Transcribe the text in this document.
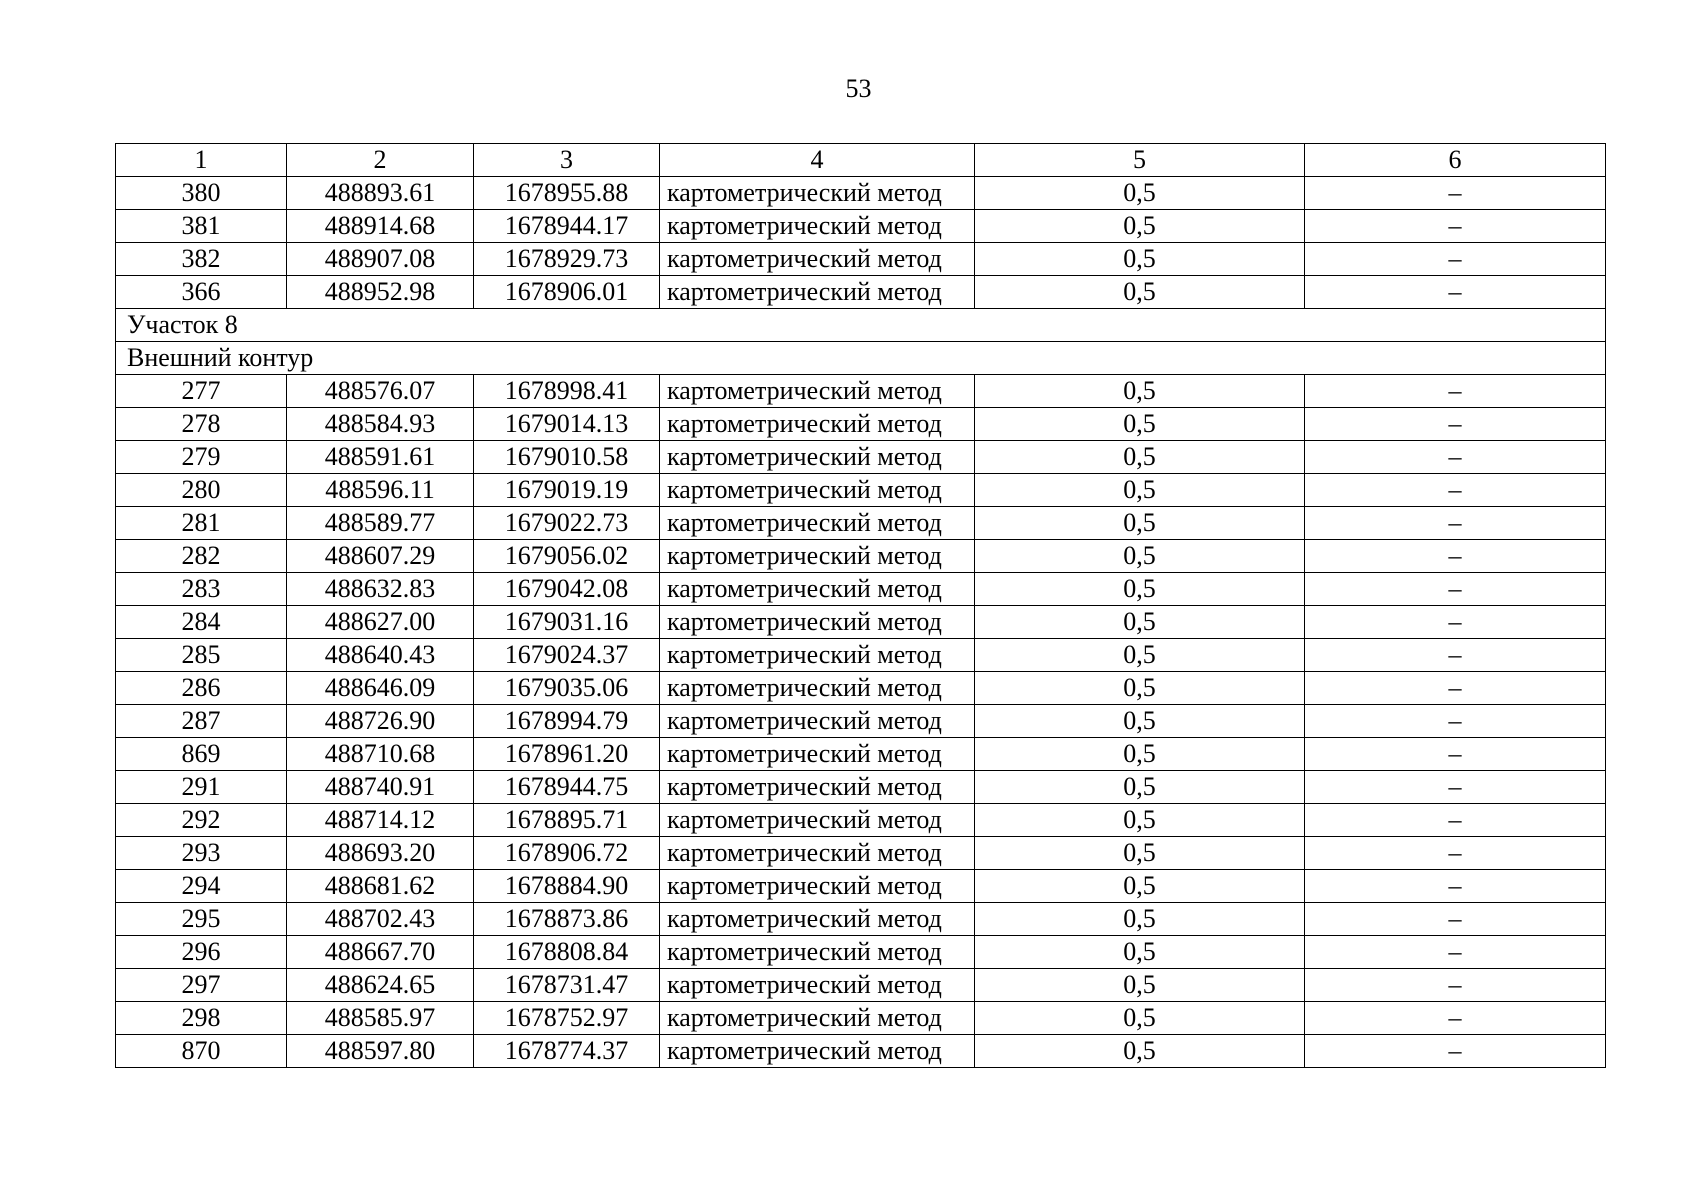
53
1	2	3	4	5	6
380	488893.61	1678955.88	картометрический метод	0,5	–
381	488914.68	1678944.17	картометрический метод	0,5	–
382	488907.08	1678929.73	картометрический метод	0,5	–
366	488952.98	1678906.01	картометрический метод	0,5	–
Участок 8					
Внешний контур					
277	488576.07	1678998.41	картометрический метод	0,5	–
278	488584.93	1679014.13	картометрический метод	0,5	–
279	488591.61	1679010.58	картометрический метод	0,5	–
280	488596.11	1679019.19	картометрический метод	0,5	–
281	488589.77	1679022.73	картометрический метод	0,5	–
282	488607.29	1679056.02	картометрический метод	0,5	–
283	488632.83	1679042.08	картометрический метод	0,5	–
284	488627.00	1679031.16	картометрический метод	0,5	–
285	488640.43	1679024.37	картометрический метод	0,5	–
286	488646.09	1679035.06	картометрический метод	0,5	–
287	488726.90	1678994.79	картометрический метод	0,5	–
869	488710.68	1678961.20	картометрический метод	0,5	–
291	488740.91	1678944.75	картометрический метод	0,5	–
292	488714.12	1678895.71	картометрический метод	0,5	–
293	488693.20	1678906.72	картометрический метод	0,5	–
294	488681.62	1678884.90	картометрический метод	0,5	–
295	488702.43	1678873.86	картометрический метод	0,5	–
296	488667.70	1678808.84	картометрический метод	0,5	–
297	488624.65	1678731.47	картометрический метод	0,5	–
298	488585.97	1678752.97	картометрический метод	0,5	–
870	488597.80	1678774.37	картометрический метод	0,5	–
